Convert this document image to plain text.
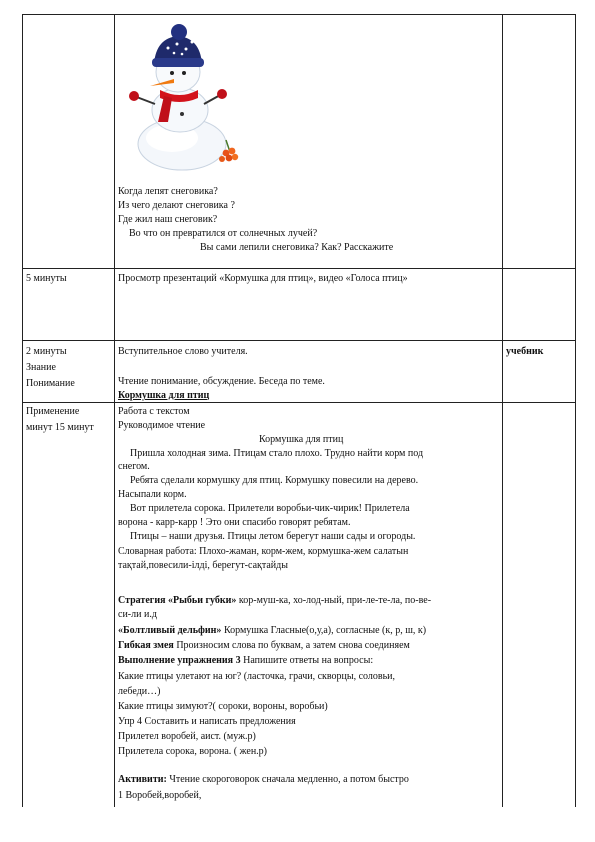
Когда лепят снеговика?
Из чего делают снеговика ?
Где жил наш снеговик?
Во что он превратился от солнечных лучей?
Вы сами лепили снеговика? Как? Расскажите
5 минуты	Просмотр презентаций «Кормушка для птиц», видео «Голоса птиц»
2 минуты
Знание
Понимание
Вступительное слово учителя.
Чтение понимание, обсуждение. Беседа по теме.
Кормушка для птиц
учебник
Применение
минут 15 минут
Работа с текстом
Руководимое чтение
Кормушка для птиц
Пришла холодная зима. Птицам стало плохо. Трудно найти корм под
снегом.
Ребята сделали кормушку для птиц. Кормушку повесили на дерево.
Насыпали корм.
Вот прилетела сорока. Прилетели воробьи-чик-чирик! Прилетела
ворона - карр-карр ! Это они спасибо говорят ребятам.
Птицы – наши друзья. Птицы летом берегут наши сады и огороды.
Словарная работа: Плохо-жаман, корм-жем, кормушка-жем салатын
тақтай,повесили-ілді, берегут-сақтайды
Стратегия «Рыбьи губки» кор-муш-ка, хо-лод-ный, при-ле-те-ла, по-ве-
си-ли и.д
«Болтливый дельфин» Кормушка Гласные(о,у,а), согласные (к, р, ш, к)
Гибкая змея Произносим слова по буквам, а затем снова соединяем
Выполнение упражнения 3 Напишите ответы на вопросы:
Какие птицы улетают на юг? (ласточка, грачи, скворцы, соловьи,
лебеди…)
Какие птицы зимуют?( сороки, вороны, воробьи)
Упр 4 Составить и написать предложения
Прилетел воробей, аист. (муж.р)
Прилетела сорока, ворона. ( жен.р)
Активити: Чтение скороговорок сначала медленно, а потом быстро
1 Воробей,воробей,
